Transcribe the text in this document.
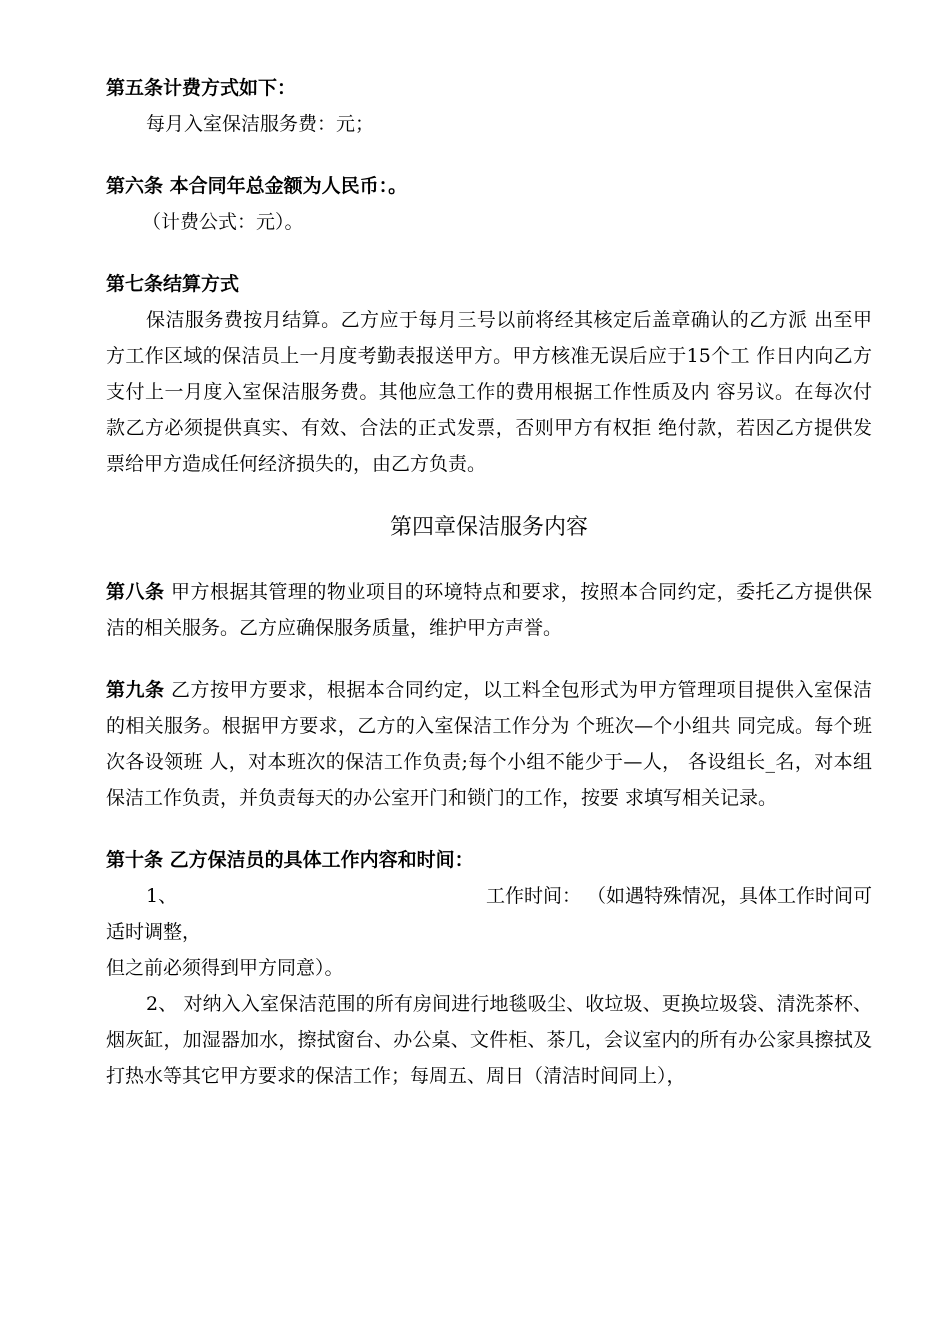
第五条计费方式如下：

每月入室保洁服务费：元；

第六条 本合同年总金额为人民币：。

（计费公式：元）。

第七条结算方式

保洁服务费按月结算。乙方应于每月三号以前将经其核定后盖章确认的乙方派 出至甲方工作区域的保洁员上一月度考勤表报送甲方。甲方核准无误后应于15个工 作日内向乙方支付上一月度入室保洁服务费。其他应急工作的费用根据工作性质及内 容另议。在每次付款乙方必须提供真实、有效、合法的正式发票，否则甲方有权拒 绝付款，若因乙方提供发票给甲方造成任何经济损失的，由乙方负责。

第四章保洁服务内容

第八条 甲方根据其管理的物业项目的环境特点和要求，按照本合同约定，委托乙方提供保洁的相关服务。乙方应确保服务质量，维护甲方声誉。

第九条 乙方按甲方要求，根据本合同约定，以工料全包形式为甲方管理项目提供入室保洁的相关服务。根据甲方要求，乙方的入室保洁工作分为 个班次—个小组共 同完成。每个班次各设领班 人，对本班次的保洁工作负责;每个小组不能少于—人， 各设组长_名，对本组保洁工作负责，并负责每天的办公室开门和锁门的工作，按要 求填写相关记录。

第十条 乙方保洁员的具体工作内容和时间：

1、	工作时间： （如遇特殊情况，具体工作时间可

适时调整，

但之前必须得到甲方同意）。

2、 对纳入入室保洁范围的所有房间进行地毯吸尘、收垃圾、更换垃圾袋、清洗茶杯、烟灰缸，加湿器加水，擦拭窗台、办公桌、文件柜、茶几，会议室内的所有办公家具擦拭及打热水等其它甲方要求的保洁工作；每周五、周日（清洁时间同上），
